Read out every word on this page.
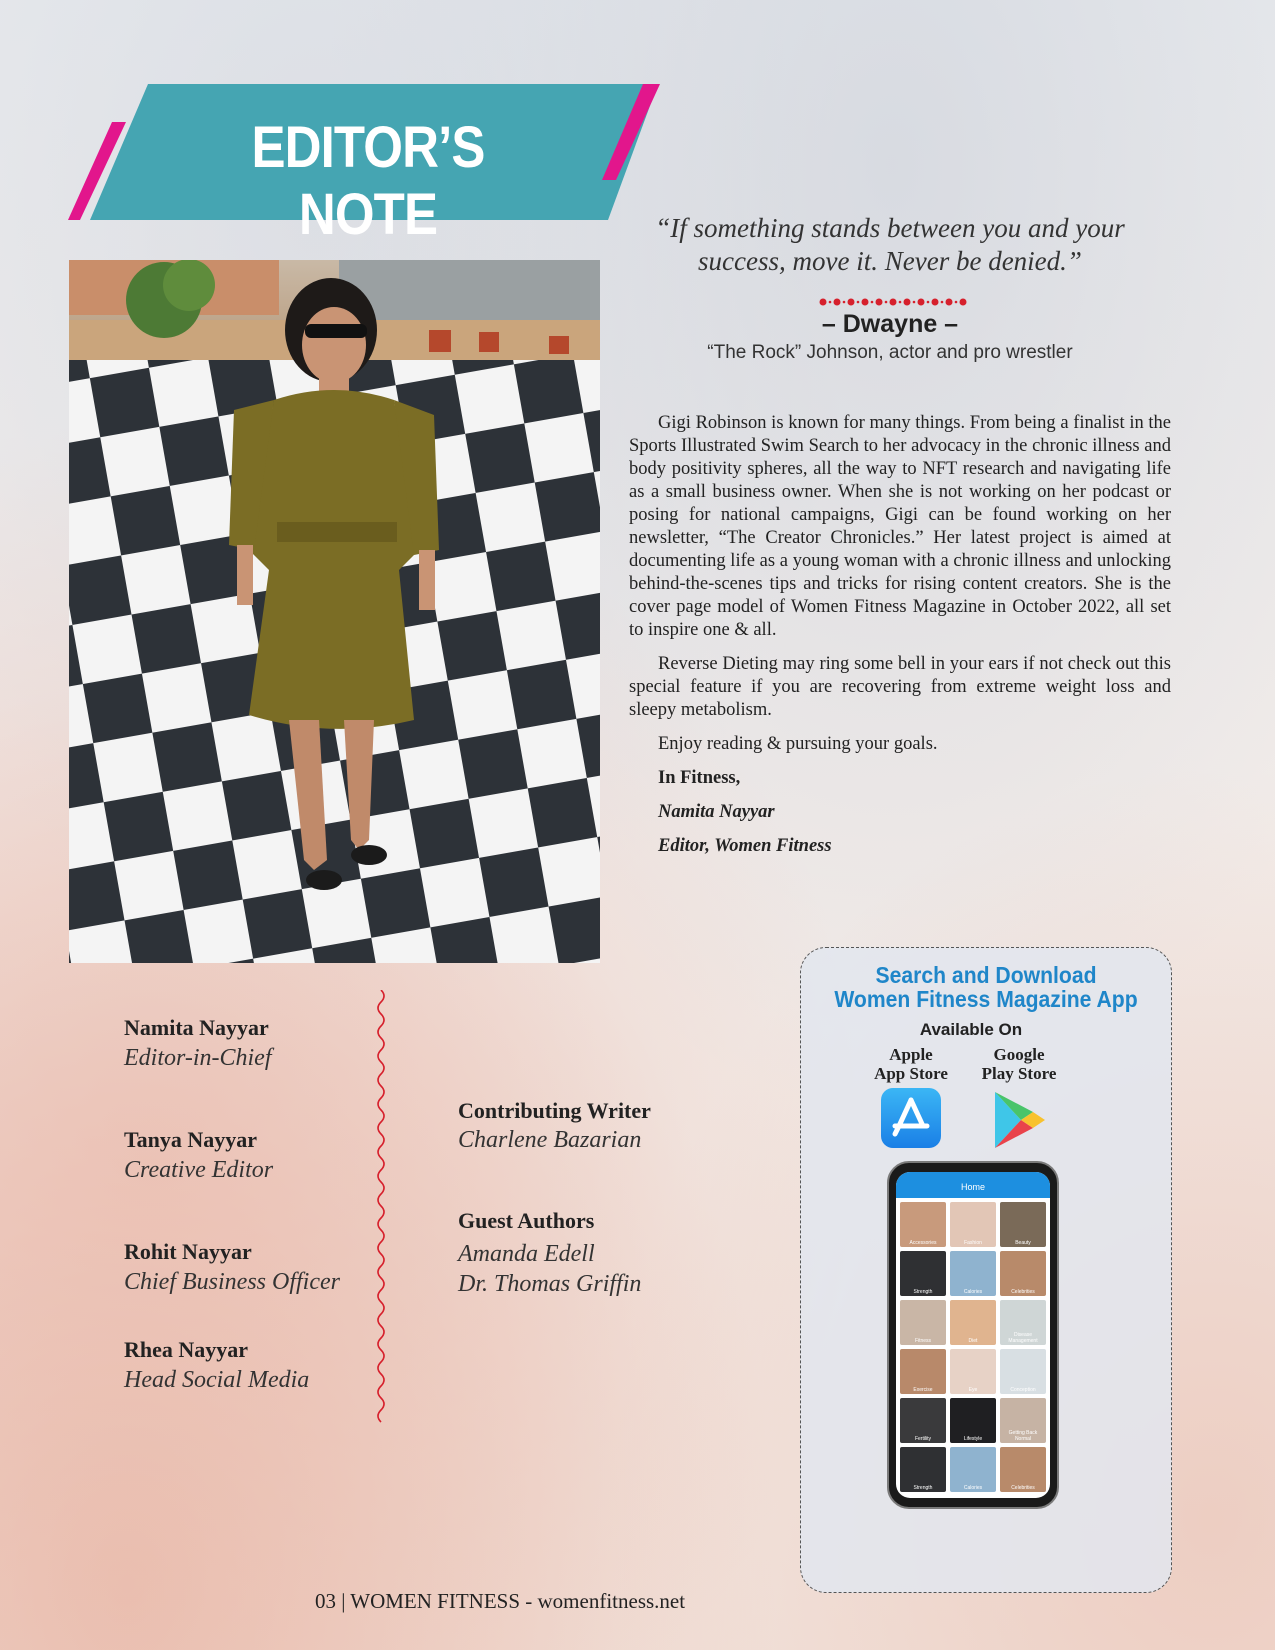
EDITOR’S NOTE	“If something stands between you and your
success, move it. Never be denied.”
– Dwayne –
“The Rock” Johnson, actor and pro wrestler

Gigi Robinson is known for many things. From being a finalist in the Sports Illustrated Swim Search to her advocacy in the chronic illness and body positivity spheres, all the way to NFT research and navigating life as a small business owner. When she is not working on her podcast or posing for national campaigns, Gigi can be found working on her newsletter, “The Creator Chronicles.” Her latest project is aimed at documenting life as a young woman with a chronic illness and unlocking behind-the-scenes tips and tricks for rising content creators. She is the cover page model of Women Fitness Magazine in October 2022, all set to inspire one & all.

Reverse Dieting may ring some bell in your ears if not check out this special feature if you are recovering from extreme weight loss and sleepy metabolism.

Enjoy reading & pursuing your goals.

In Fitness,
Namita Nayyar
Editor, Women Fitness
Namita Nayyar
Editor-in-Chief
Tanya Nayyar
Creative Editor
Rohit Nayyar
Chief Business Officer
Rhea Nayyar
Head Social Media
Contributing Writer
Charlene Bazarian
Guest Authors
Amanda Edell
Dr. Thomas Griffin
Search and Download
Women Fitness Magazine App
Available On
Apple
App Store
Google
Play Store
Home
Accessories	Fashion	Beauty
Strength	Calories	Celebrities
Fitness	Diet
Disease Management
Exercise	Eye	Conception
Fertility	Lifestyle
Getting Back Normal
Strength	Calories	Celebrities
03 | WOMEN FITNESS - womenfitness.net
